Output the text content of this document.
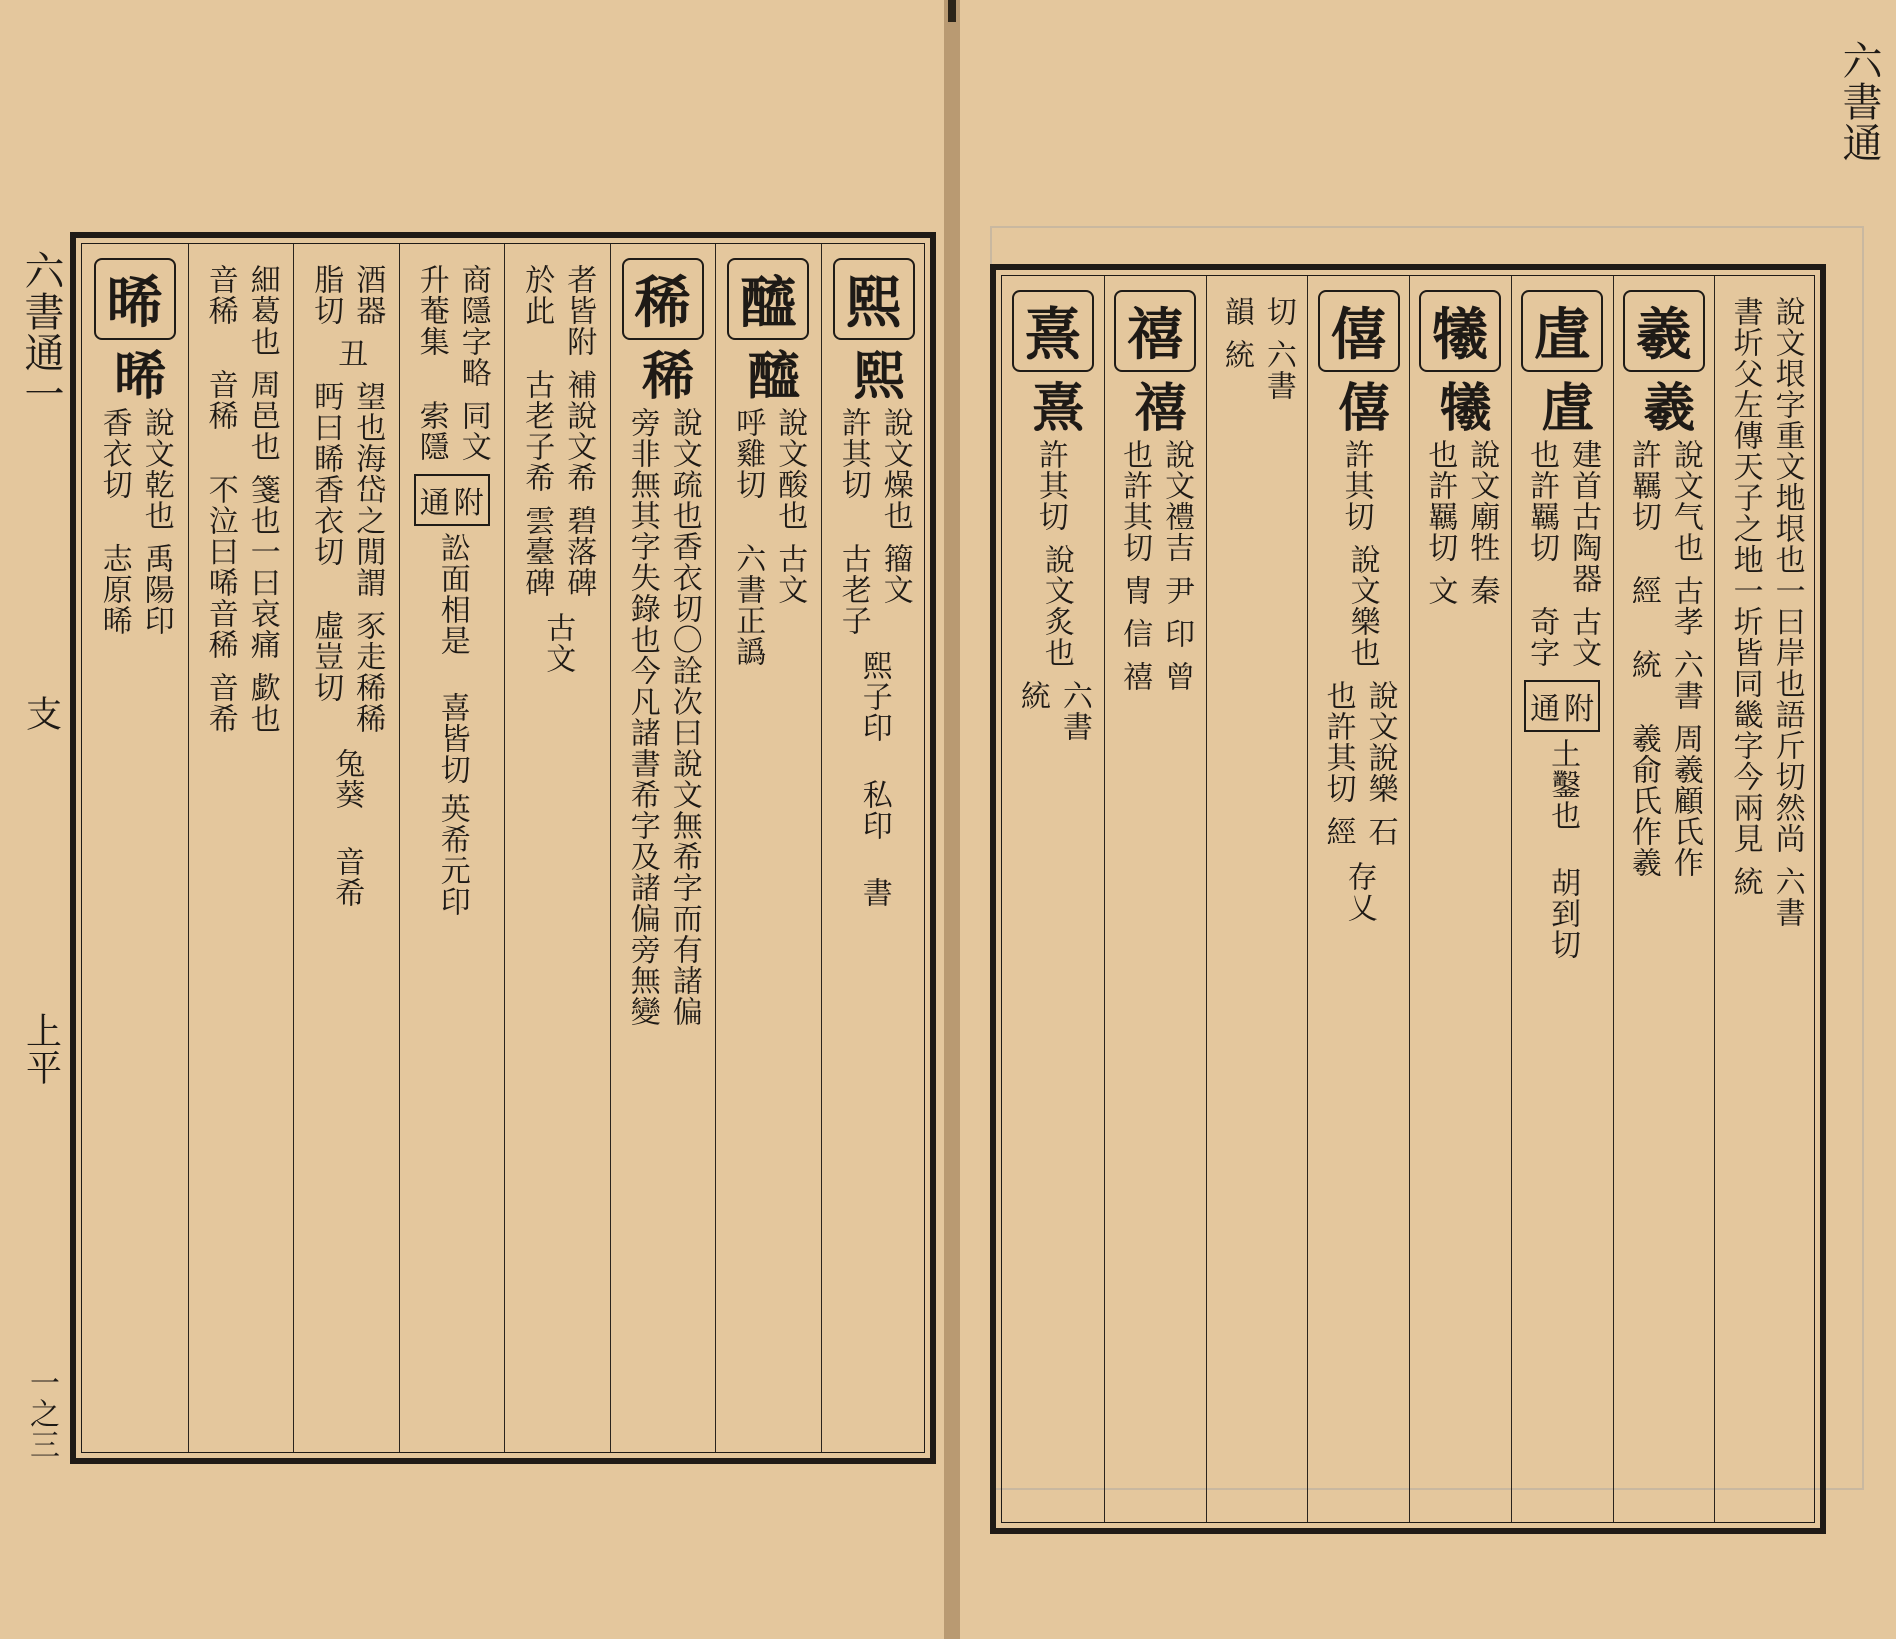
六書通一
支
上平
一之三
熙
熙
說文燥也
許其切
籀文
古老子
熙子印 私印 書
醯
醯
說文酸也
呼雞切
古文
六書正譌
稀
稀
說文疏也香衣切〇詮次曰說文無希字而有諸偏
旁非無其字失錄也今凡諸書希字及諸偏旁無變
者皆附
於此
補說文希
古老子希
碧落碑
雲臺碑
古文
商隱字略
升菴集
同文
索隱
附
通
訟面相是 喜皆切
英希元印
酒器
脂切
丑
望也海岱之閒謂
眄曰睎香衣切
豕走稀稀
虛豈切
兔葵 音希
細葛也
音稀
周邑也
音稀
箋也一曰哀痛
不泣曰唏音稀
歔也
音希
晞
晞
說文乾也
香衣切
禹陽印
志原晞	說文垠字重文地垠也一曰岸也語斤切然尚
書圻父左傳天子之地一圻皆同畿字今兩見
六書
統
羲
羲
說文气也
許羈切
古孝
經
六書
統
周羲顧氏作
羲俞氏作羲
虘
虘
建首古陶器
也許羈切
古文
奇字
附
通
土鑿也 胡到切
犧
犧
說文廟牲
也許羈切
秦
文
僖
僖
許其切
說文樂也
說文說樂
也許其切
石
經
存乂
切
韻
六書
統
禧
禧
說文禮吉
也許其切
尹
冑
印
信
曾
禧
熹
熹
許其切
說文炙也
六書
統
六書通
